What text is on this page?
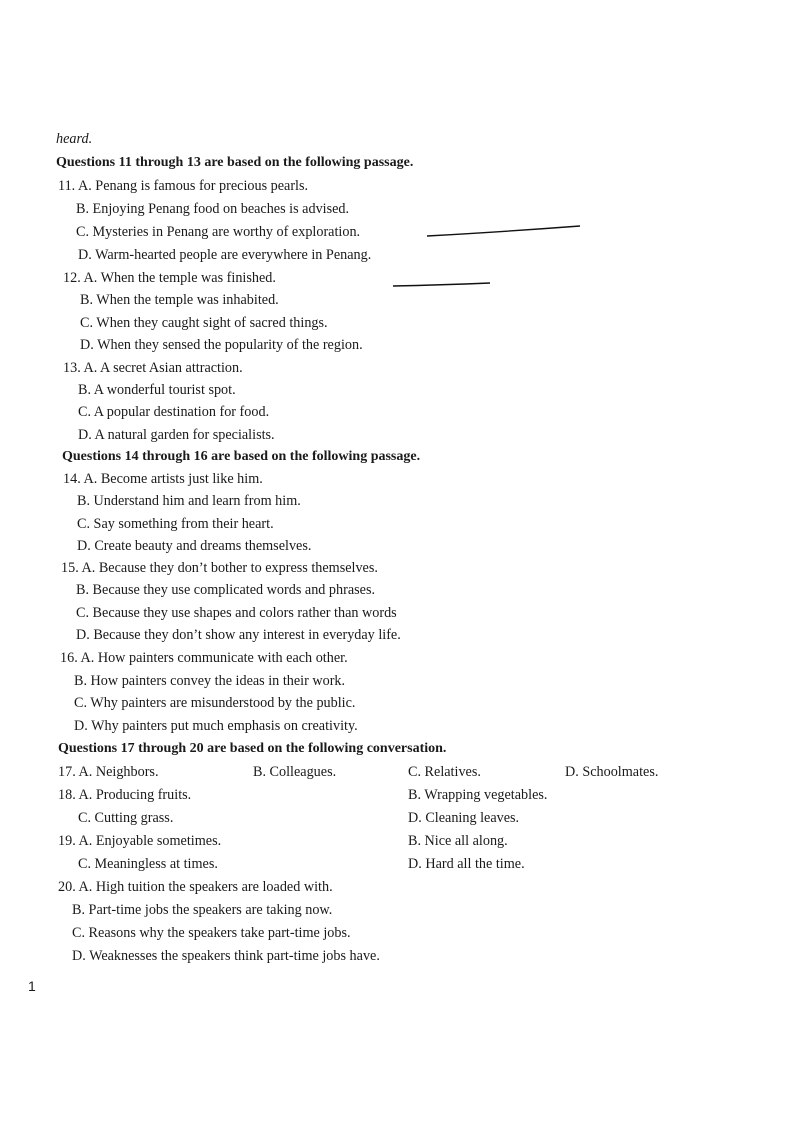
heard.
Questions 11 through 13 are based on the following passage.
11. A. Penang is famous for precious pearls.
B. Enjoying Penang food on beaches is advised.
C. Mysteries in Penang are worthy of exploration.
D. Warm-hearted people are everywhere in Penang.
12. A. When the temple was finished.
B. When the temple was inhabited.
C. When they caught sight of sacred things.
D. When they sensed the popularity of the region.
13. A. A secret Asian attraction.
B. A wonderful tourist spot.
C. A popular destination for food.
D. A natural garden for specialists.
Questions 14 through 16 are based on the following passage.
14. A. Become artists just like him.
B. Understand him and learn from him.
C. Say something from their heart.
D. Create beauty and dreams themselves.
15. A. Because they don’t bother to express themselves.
B. Because they use complicated words and phrases.
C. Because they use shapes and colors rather than words
D. Because they don’t show any interest in everyday life.
16. A. How painters communicate with each other.
B. How painters convey the ideas in their work.
C. Why painters are misunderstood by the public.
D. Why painters put much emphasis on creativity.
Questions 17 through 20 are based on the following conversation.
17. A. Neighbors.	B. Colleagues.	C. Relatives.	D. Schoolmates.
18. A. Producing fruits.	B. Wrapping vegetables.
C. Cutting grass.	D. Cleaning leaves.
19. A. Enjoyable sometimes.	B. Nice all along.
C. Meaningless at times.	D. Hard all the time.
20. A. High tuition the speakers are loaded with.
B. Part-time jobs the speakers are taking now.
C. Reasons why the speakers take part-time jobs.
D. Weaknesses the speakers think part-time jobs have.
1
